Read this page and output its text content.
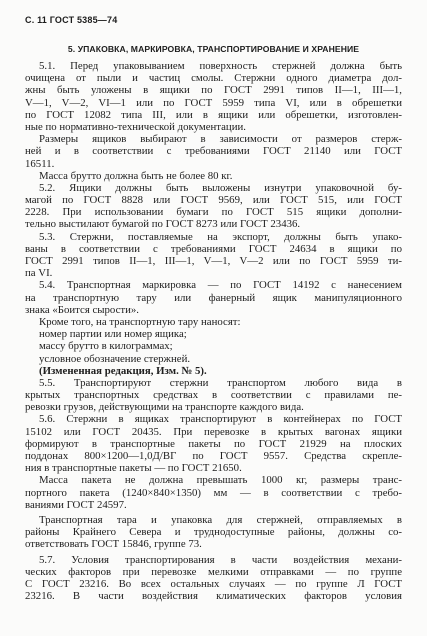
С. 11 ГОСТ 5385—74
5. УПАКОВКА, МАРКИРОВКА, ТРАНСПОРТИРОВАНИЕ И ХРАНЕНИЕ
5.1. Перед упаковыванием поверхность стержней должна быть
очищена от пыли и частиц смолы. Стержни одного диаметра дол-
жны быть уложены в ящики по ГОСТ 2991 типов II—1, III—1,
V—1, V—2, VI—1 или по ГОСТ 5959 типа VI, или в обрешетки
по ГОСТ 12082 типа III, или в ящики или обрешетки, изготовлен-
ные по нормативно-технической документации.
Размеры ящиков выбирают в зависимости от размеров стерж-
ней и в соответствии с требованиями ГОСТ 21140 или ГОСТ
16511.
Масса брутто должна быть не более 80 кг.
5.2. Ящики должны быть выложены изнутри упаковочной бу-
магой по ГОСТ 8828 или ГОСТ 9569, или ГОСТ 515, или ГОСТ
2228. При использовании бумаги по ГОСТ 515 ящики дополни-
тельно выстилают бумагой по ГОСТ 8273 или ГОСТ 23436.
5.3. Стержни, поставляемые на экспорт, должны быть упако-
ваны в соответствии с требованиями ГОСТ 24634 в ящики по
ГОСТ 2991 типов II—1, III—1, V—1, V—2 или по ГОСТ 5959 ти-
па VI.
5.4. Транспортная маркировка — по ГОСТ 14192 с нанесением
на транспортную тару или фанерный ящик манипуляционного
знака «Боится сырости».
Кроме того, на транспортную тару наносят:
номер партии или номер ящика;
массу брутто в килограммах;
условное обозначение стержней.
(Измененная редакция, Изм. № 5).
5.5. Транспортируют стержни транспортом любого вида в
крытых транспортных средствах в соответствии с правилами пе-
ревозки грузов, действующими на транспорте каждого вида.
5.6. Стержни в ящиках транспортируют в контейнерах по ГОСТ
15102 или ГОСТ 20435. При перевозке в крытых вагонах ящики
формируют в транспортные пакеты по ГОСТ 21929 на плоских
поддонах 800×1200—1,0Д/ВГ по ГОСТ 9557. Средства скрепле-
ния в транспортные пакеты — по ГОСТ 21650.
Масса пакета не должна превышать 1000 кг, размеры транс-
портного пакета (1240×840×1350) мм — в соответствии с требо-
ваниями ГОСТ 24597.
Транспортная тара и упаковка для стержней, отправляемых в
районы Крайнего Севера и труднодоступные районы, должны со-
ответствовать ГОСТ 15846, группе 73.
5.7. Условия транспортирования в части воздействия механи-
ческих факторов при перевозке мелкими отправками — по группе
С ГОСТ 23216. Во всех остальных случаях — по группе Л ГОСТ
23216. В части воздействия климатических факторов условия
